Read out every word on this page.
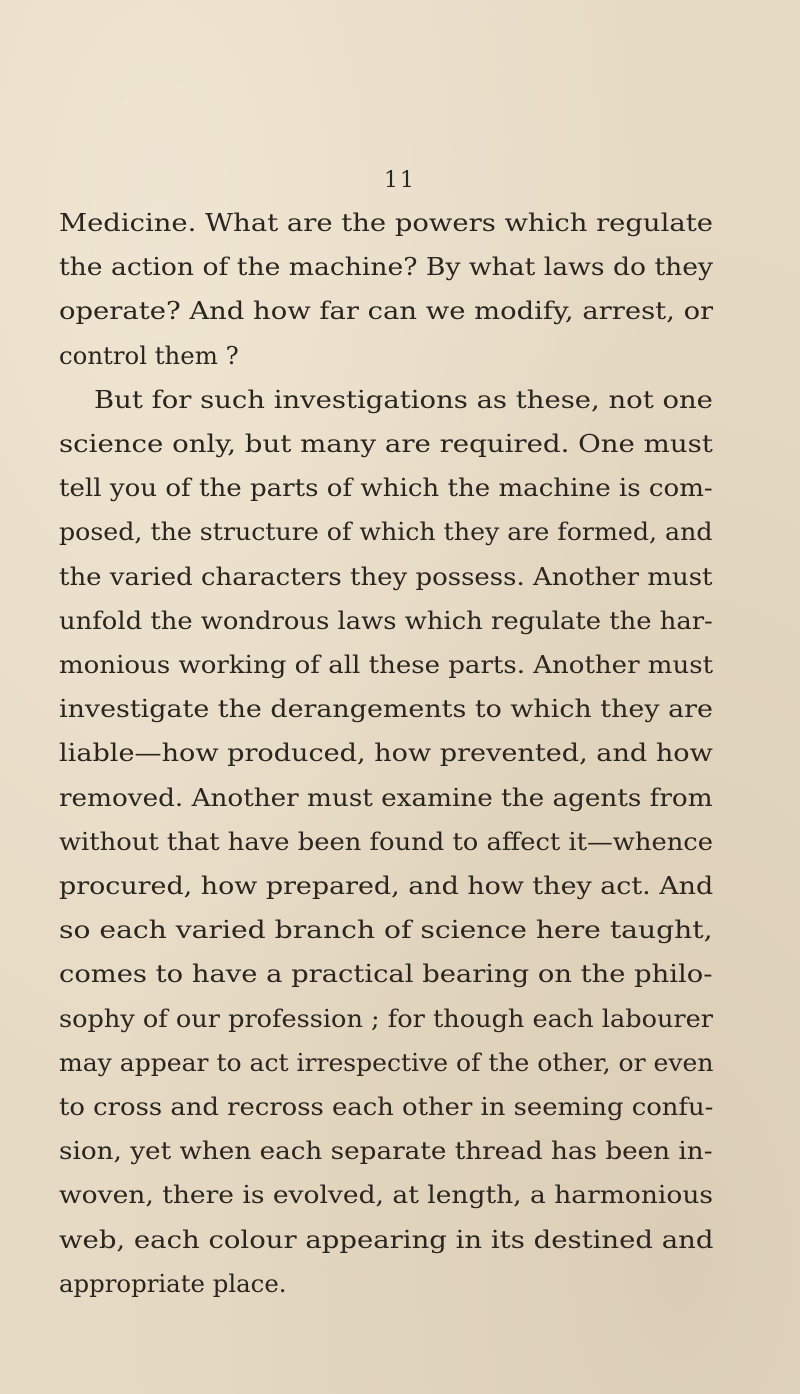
11
Medicine. What are the powers which regulate
the action of the machine? By what laws do they
operate? And how far can we modify, arrest, or
control them ?
But for such investigations as these, not one
science only, but many are required. One must
tell you of the parts of which the machine is com-
posed, the structure of which they are formed, and
the varied characters they possess. Another must
unfold the wondrous laws which regulate the har-
monious working of all these parts. Another must
investigate the derangements to which they are
liable—how produced, how prevented, and how
removed. Another must examine the agents from
without that have been found to affect it—whence
procured, how prepared, and how they act. And
so each varied branch of science here taught,
comes to have a practical bearing on the philo-
sophy of our profession ; for though each labourer
may appear to act irrespective of the other, or even
to cross and recross each other in seeming confu-
sion, yet when each separate thread has been in-
woven, there is evolved, at length, a harmonious
web, each colour appearing in its destined and
appropriate place.
